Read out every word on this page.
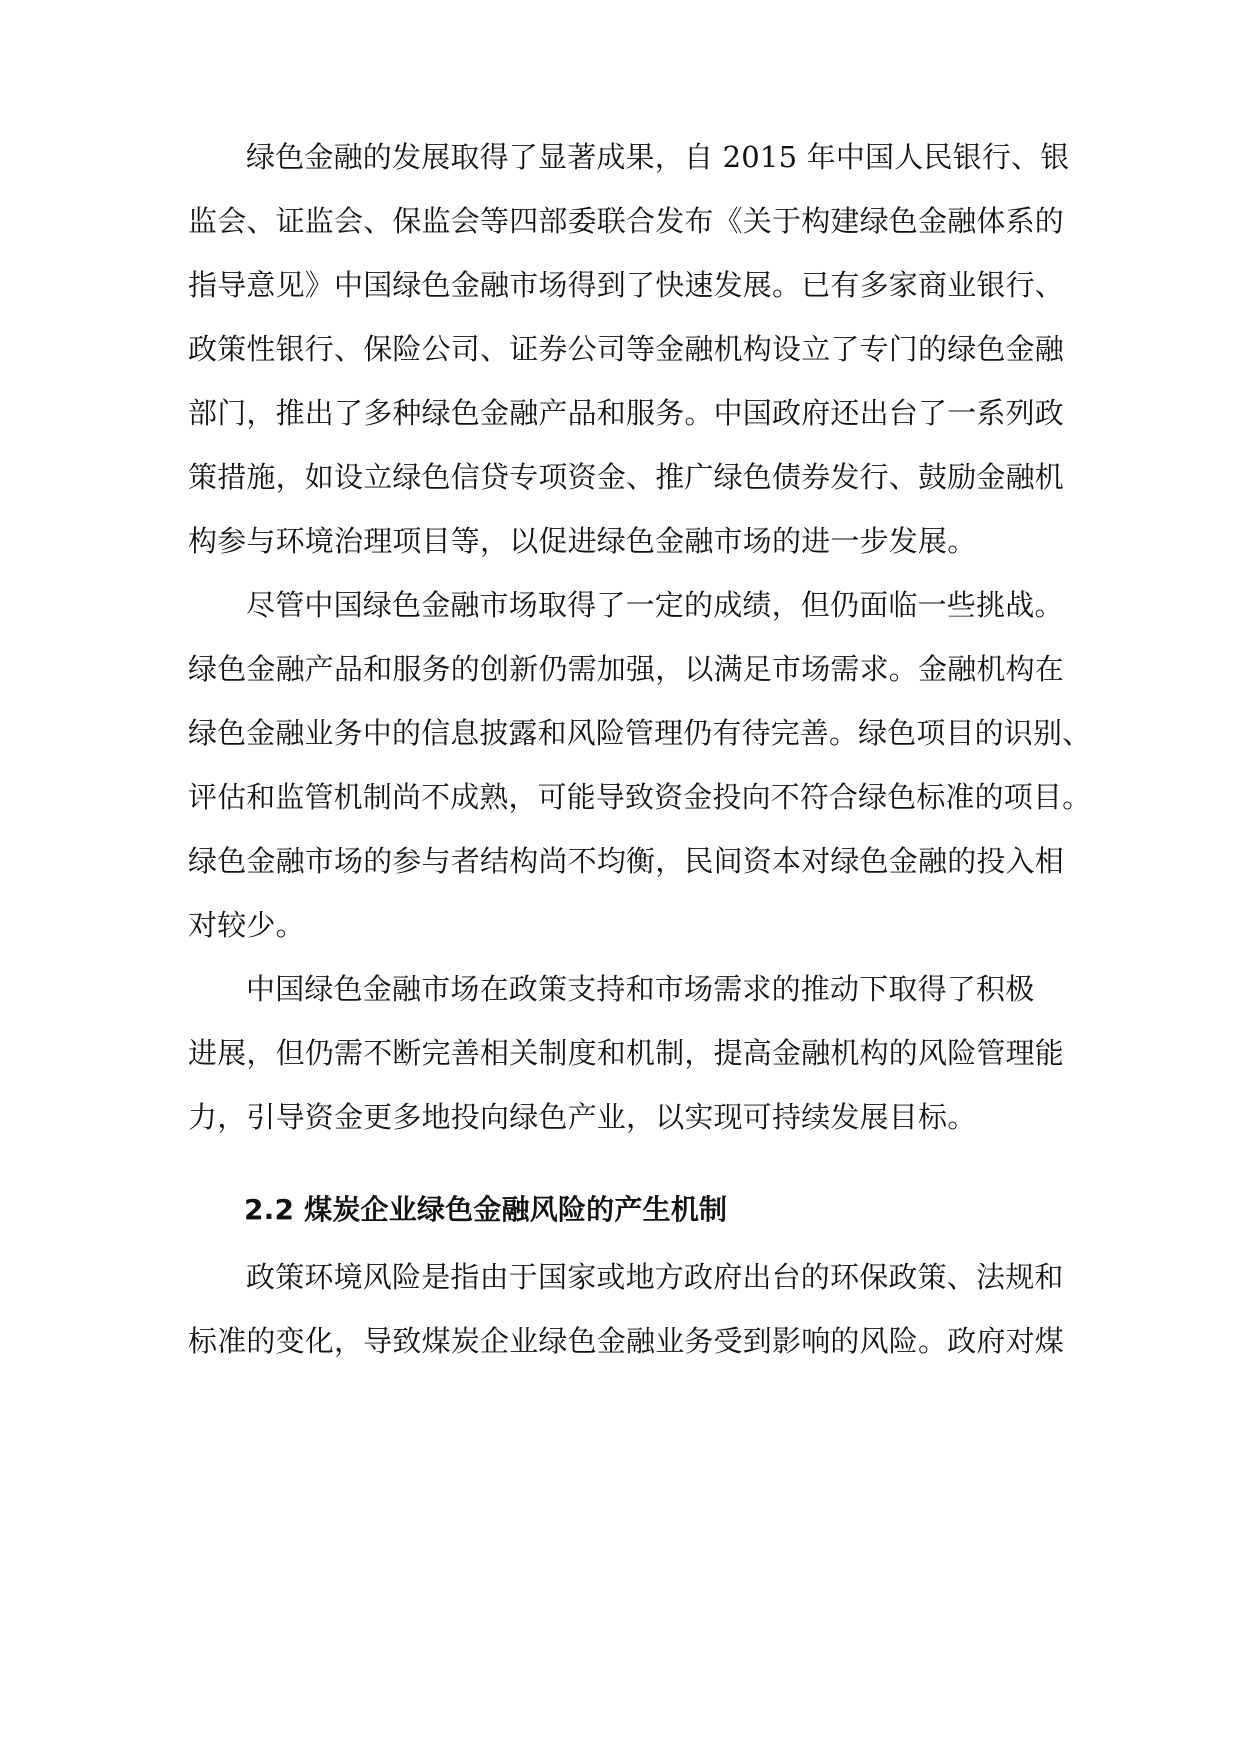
绿色金融的发展取得了显著成果，自 2015 年中国人民银行、银
监会、证监会、保监会等四部委联合发布《关于构建绿色金融体系的
指导意见》中国绿色金融市场得到了快速发展。已有多家商业银行、
政策性银行、保险公司、证券公司等金融机构设立了专门的绿色金融
部门，推出了多种绿色金融产品和服务。中国政府还出台了一系列政
策措施，如设立绿色信贷专项资金、推广绿色债券发行、鼓励金融机
构参与环境治理项目等，以促进绿色金融市场的进一步发展。
尽管中国绿色金融市场取得了一定的成绩，但仍面临一些挑战。
绿色金融产品和服务的创新仍需加强，以满足市场需求。金融机构在
绿色金融业务中的信息披露和风险管理仍有待完善。绿色项目的识别、
评估和监管机制尚不成熟，可能导致资金投向不符合绿色标准的项目。
绿色金融市场的参与者结构尚不均衡，民间资本对绿色金融的投入相
对较少。
中国绿色金融市场在政策支持和市场需求的推动下取得了积极
进展，但仍需不断完善相关制度和机制，提高金融机构的风险管理能
力，引导资金更多地投向绿色产业，以实现可持续发展目标。
2.2 煤炭企业绿色金融风险的产生机制
政策环境风险是指由于国家或地方政府出台的环保政策、法规和
标准的变化，导致煤炭企业绿色金融业务受到影响的风险。政府对煤
